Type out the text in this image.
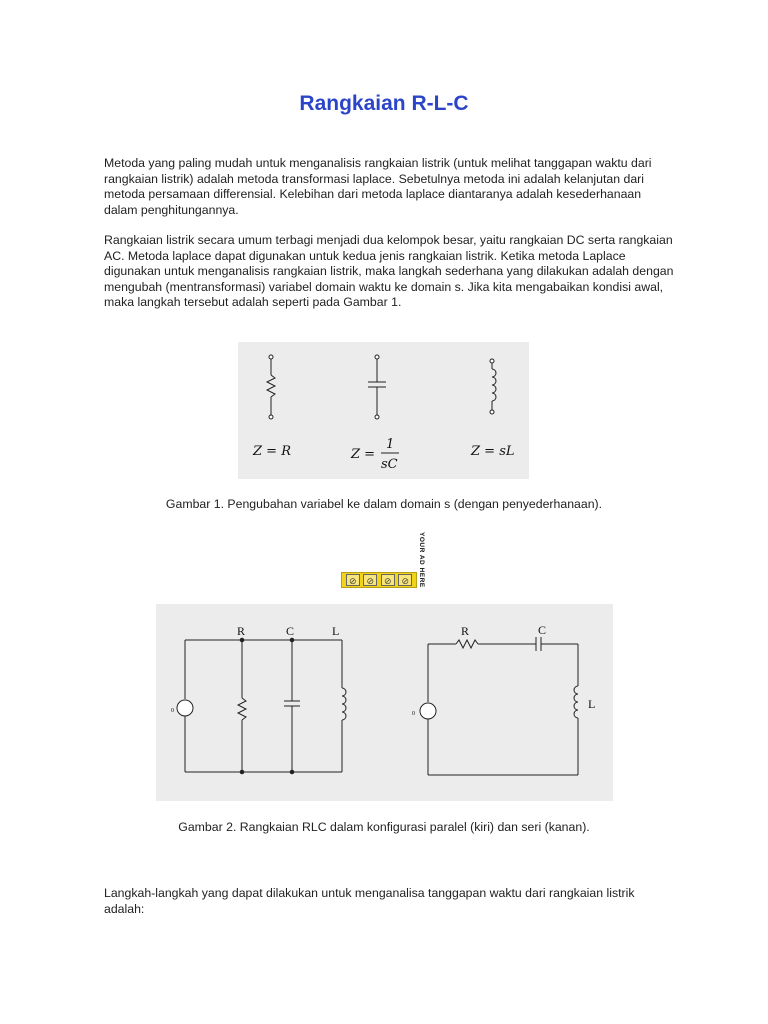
Rangkaian R-L-C
Metoda yang paling mudah untuk menganalisis rangkaian listrik (untuk melihat tanggapan waktu dari rangkaian listrik) adalah metoda transformasi laplace. Sebetulnya metoda ini adalah kelanjutan dari metoda persamaan differensial. Kelebihan dari metoda laplace diantaranya adalah kesederhanaan dalam penghitungannya.
Rangkaian listrik secara umum terbagi menjadi dua kelompok besar, yaitu rangkaian DC serta rangkaian AC. Metoda laplace dapat digunakan untuk kedua jenis rangkaian listrik. Ketika metoda Laplace digunakan untuk menganalisis rangkaian listrik, maka langkah sederhana yang dilakukan adalah dengan mengubah (mentransformasi) variabel domain waktu ke domain s. Jika kita mengabaikan kondisi awal, maka langkah tersebut adalah seperti pada Gambar 1.
Z = R	Z =
1
sC
Z = sL
Gambar 1. Pengubahan variabel ke dalam domain s (dengan penyederhanaan).
⊘	⊘	⊘	⊘	YOUR AD HERE
R	C	L
0
R	C
L
0
Gambar 2. Rangkaian RLC dalam konfigurasi paralel (kiri) dan seri (kanan).
Langkah-langkah yang dapat dilakukan untuk menganalisa tanggapan waktu dari rangkaian listrik adalah:
